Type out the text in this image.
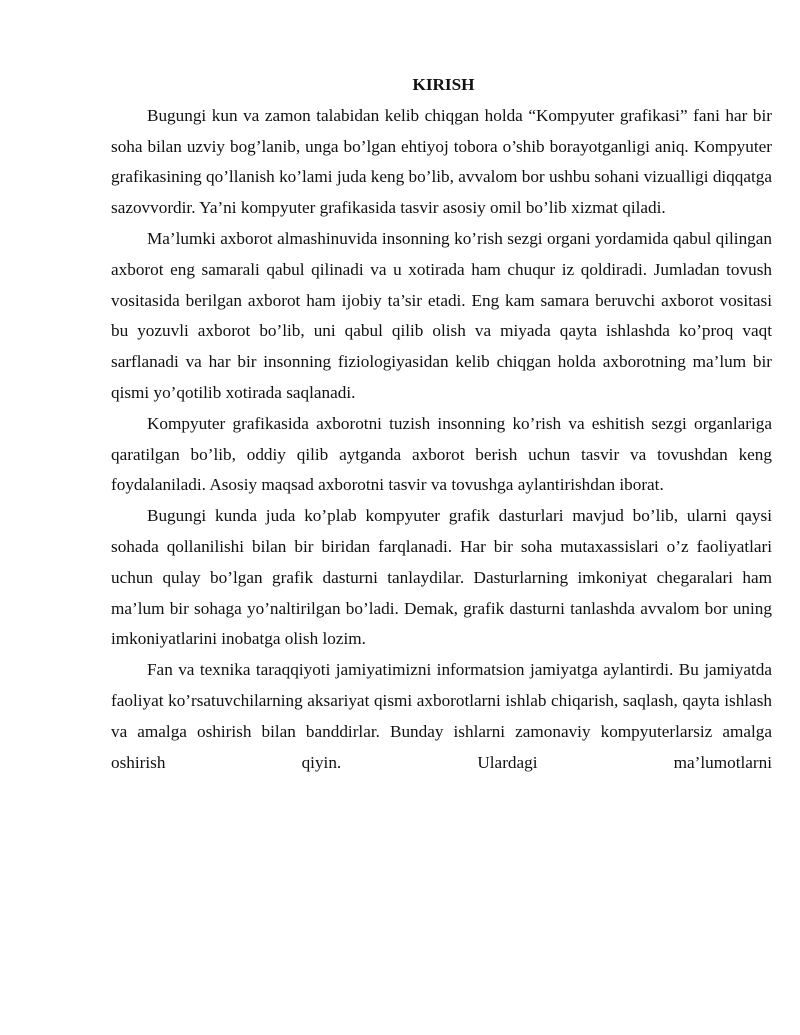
KIRISH

Bugungi kun va zamon talabidan kelib chiqgan holda “Kompyuter grafikasi” fani har bir soha bilan uzviy bog’lanib, unga bo’lgan ehtiyoj tobora o’shib borayotganligi aniq. Kompyuter grafikasining qo’llanish ko’lami juda keng bo’lib, avvalom bor ushbu sohani vizualligi diqqatga sazovvordir. Ya’ni kompyuter grafikasida tasvir asosiy omil bo’lib xizmat qiladi.

Ma’lumki axborot almashinuvida insonning ko’rish sezgi organi yordamida qabul qilingan axborot eng samarali qabul qilinadi va u xotirada ham chuqur iz qoldiradi. Jumladan tovush vositasida berilgan axborot ham ijobiy ta’sir etadi. Eng kam samara beruvchi axborot vositasi bu yozuvli axborot bo’lib, uni qabul qilib olish va miyada qayta ishlashda ko’proq vaqt sarflanadi va har bir insonning fiziologiyasidan kelib chiqgan holda axborotning ma’lum bir qismi yo’qotilib xotirada saqlanadi.

Kompyuter grafikasida axborotni tuzish insonning ko’rish va eshitish sezgi organlariga qaratilgan bo’lib, oddiy qilib aytganda axborot berish uchun tasvir va tovushdan keng foydalaniladi. Asosiy maqsad axborotni tasvir va tovushga aylantirishdan iborat.

Bugungi kunda juda ko’plab kompyuter grafik dasturlari mavjud bo’lib, ularni qaysi sohada qollanilishi bilan bir biridan farqlanadi. Har bir soha mutaxassislari o’z faoliyatlari uchun qulay bo’lgan grafik dasturni tanlaydilar. Dasturlarning imkoniyat chegaralari ham ma’lum bir sohaga yo’naltirilgan bo’ladi. Demak, grafik dasturni tanlashda avvalom bor uning imkoniyatlarini inobatga olish lozim.

Fan va texnika taraqqiyoti jamiyatimizni informatsion jamiyatga aylantirdi. Bu jamiyatda faoliyat ko’rsatuvchilarning aksariyat qismi axborotlarni ishlab chiqarish, saqlash, qayta ishlash va amalga oshirish bilan banddirlar. Bunday ishlarni zamonaviy kompyuterlarsiz amalga oshirish qiyin. Ulardagi ma’lumotlarni
